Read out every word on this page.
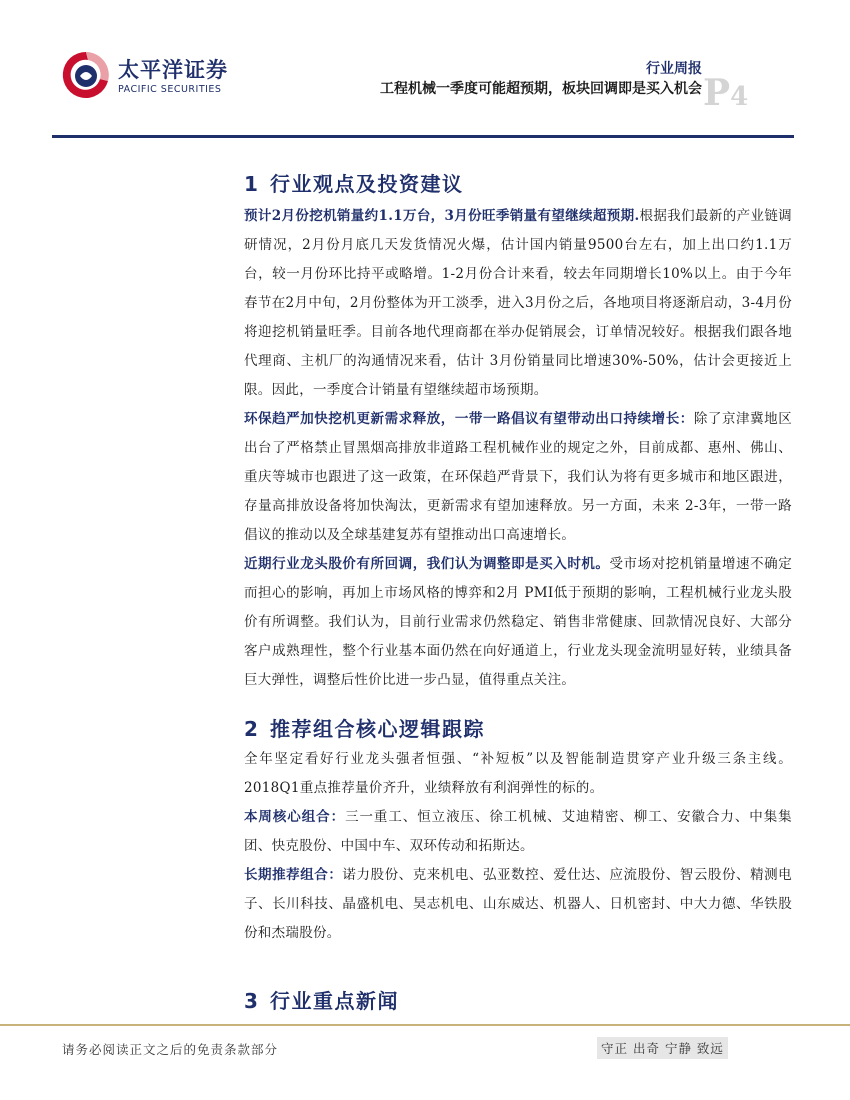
太平洋证券
PACIFIC SECURITIES
行业周报
工程机械一季度可能超预期，板块回调即是买入机会 P4
1 行业观点及投资建议

预计2月份挖机销量约1.1万台，3月份旺季销量有望继续超预期.根据我们最新的产业链调研情况，2月份月底几天发货情况火爆，估计国内销量9500台左右，加上出口约1.1万台，较一月份环比持平或略增。1-2月份合计来看，较去年同期增长10%以上。由于今年春节在2月中旬，2月份整体为开工淡季，进入3月份之后，各地项目将逐渐启动，3-4月份将迎挖机销量旺季。目前各地代理商都在举办促销展会，订单情况较好。根据我们跟各地代理商、主机厂的沟通情况来看，估计 3月份销量同比增速30%-50%，估计会更接近上限。因此，一季度合计销量有望继续超市场预期。

环保趋严加快挖机更新需求释放，一带一路倡议有望带动出口持续增长：除了京津冀地区出台了严格禁止冒黑烟高排放非道路工程机械作业的规定之外，目前成都、惠州、佛山、重庆等城市也跟进了这一政策，在环保趋严背景下，我们认为将有更多城市和地区跟进，存量高排放设备将加快淘汰，更新需求有望加速释放。另一方面，未来 2-3年，一带一路倡议的推动以及全球基建复苏有望推动出口高速增长。

近期行业龙头股价有所回调，我们认为调整即是买入时机。受市场对挖机销量增速不确定而担心的影响，再加上市场风格的博弈和2月 PMI低于预期的影响，工程机械行业龙头股价有所调整。我们认为，目前行业需求仍然稳定、销售非常健康、回款情况良好、大部分客户成熟理性，整个行业基本面仍然在向好通道上，行业龙头现金流明显好转，业绩具备巨大弹性，调整后性价比进一步凸显，值得重点关注。

2 推荐组合核心逻辑跟踪

全年坚定看好行业龙头强者恒强、“补短板”以及智能制造贯穿产业升级三条主线。2018Q1重点推荐量价齐升，业绩释放有利润弹性的标的。

本周核心组合：三一重工、恒立液压、徐工机械、艾迪精密、柳工、安徽合力、中集集团、快克股份、中国中车、双环传动和拓斯达。

长期推荐组合：诺力股份、克来机电、弘亚数控、爱仕达、应流股份、智云股份、精测电子、长川科技、晶盛机电、昊志机电、山东威达、机器人、日机密封、中大力德、华铁股份和杰瑞股份。

3 行业重点新闻
请务必阅读正文之后的免责条款部分	守正 出奇 宁静 致远
